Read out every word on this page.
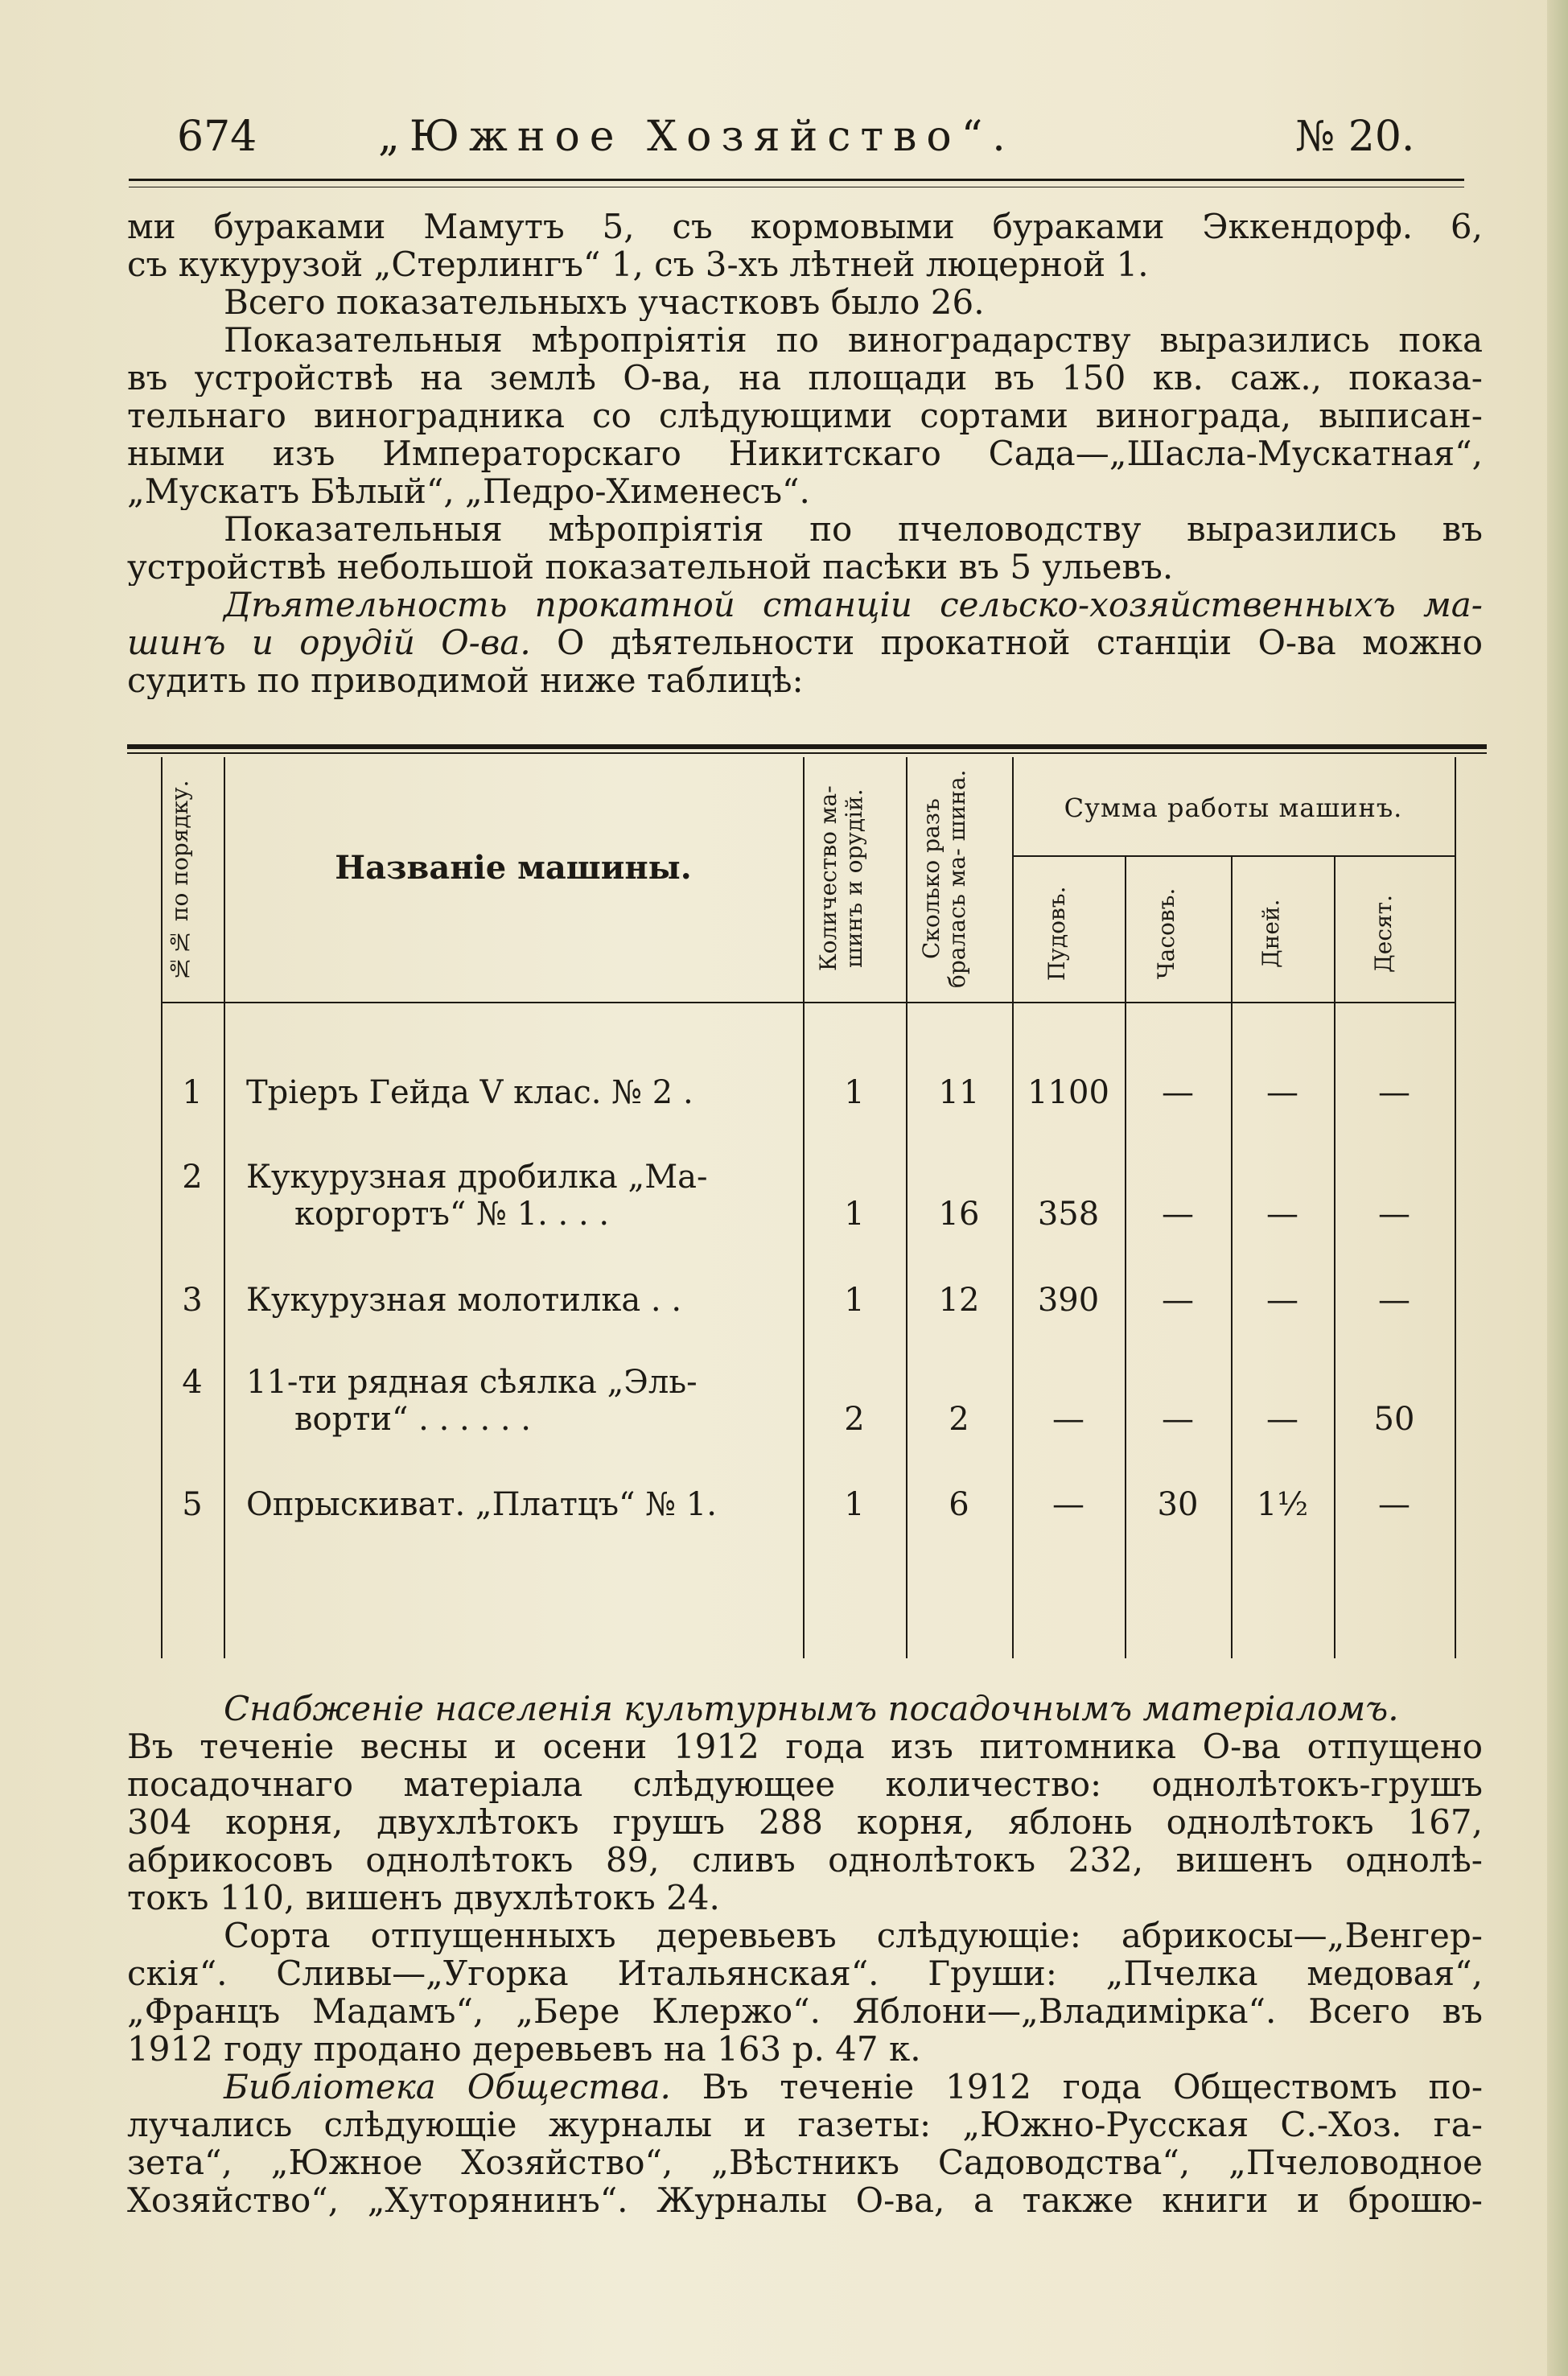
674	„Южное Хозяйство“.	№ 20.
ми бураками Мамутъ 5, съ кормовыми бураками Эккендорф. 6,
съ кукурузой „Стерлингъ“ 1, съ 3-хъ лѣтней люцерной 1.
Всего показательныхъ участковъ было 26.
Показательныя мѣропріятія по виноградарству выразились пока
въ устройствѣ на землѣ О-ва, на площади въ 150 кв. саж., показа-
тельнаго виноградника со слѣдующими сортами винограда, выписан-
ными изъ Императорскаго Никитскаго Сада—„Шасла-Мускатная“,
„Мускатъ Бѣлый“, „Педро-Хименесъ“.
Показательныя мѣропріятія по пчеловодству выразились въ
устройствѣ небольшой показательной пасѣки въ 5 ульевъ.
Дѣятельность прокатной станціи сельско-хозяйственныхъ ма-
шинъ и орудій О-ва. О дѣятельности прокатной станціи О-ва можно
судить по приводимой ниже таблицѣ:
№№ по порядку.	Названіе машины.	Количество ма- шинъ и орудій.	Сколько разъ бралась ма- шина.	Сумма работы машинъ.
Пудовъ.	Часовъ.	Дней.	Десят.
1	Тріеръ Гейда V клас. № 2 .	1	11	1100	—	—	—
2	Кукурузная дробилка „Ма-
коргортъ“ № 1. . . .	1	16	358	—	—	—
3	Кукурузная молотилка . .	1	12	390	—	—	—
4	11-ти рядная сѣялка „Эль-
ворти“ . . . . . .	2	2	—	—	—	50
5	Опрыскиват. „Платцъ“ № 1.	1	6	—	30	1½	—
Снабженіе населенія культурнымъ посадочнымъ матеріаломъ.
Въ теченіе весны и осени 1912 года изъ питомника О-ва отпущено
посадочнаго матеріала слѣдующее количество: однолѣтокъ-грушъ
304 корня, двухлѣтокъ грушъ 288 корня, яблонь однолѣтокъ 167,
абрикосовъ однолѣтокъ 89, сливъ однолѣтокъ 232, вишенъ однолѣ-
токъ 110, вишенъ двухлѣтокъ 24.
Сорта отпущенныхъ деревьевъ слѣдующіе: абрикосы—„Венгер-
скія“. Сливы—„Угорка Итальянская“. Груши: „Пчелка медовая“,
„Францъ Мадамъ“, „Бере Клержо“. Яблони—„Владимірка“. Всего въ
1912 году продано деревьевъ на 163 р. 47 к.
Библіотека Общества. Въ теченіе 1912 года Обществомъ по-
лучались слѣдующіе журналы и газеты: „Южно-Русская С.-Хоз. га-
зета“, „Южное Хозяйство“, „Вѣстникъ Садоводства“, „Пчеловодное
Хозяйство“, „Хуторянинъ“. Журналы О-ва, а также книги и брошю-
